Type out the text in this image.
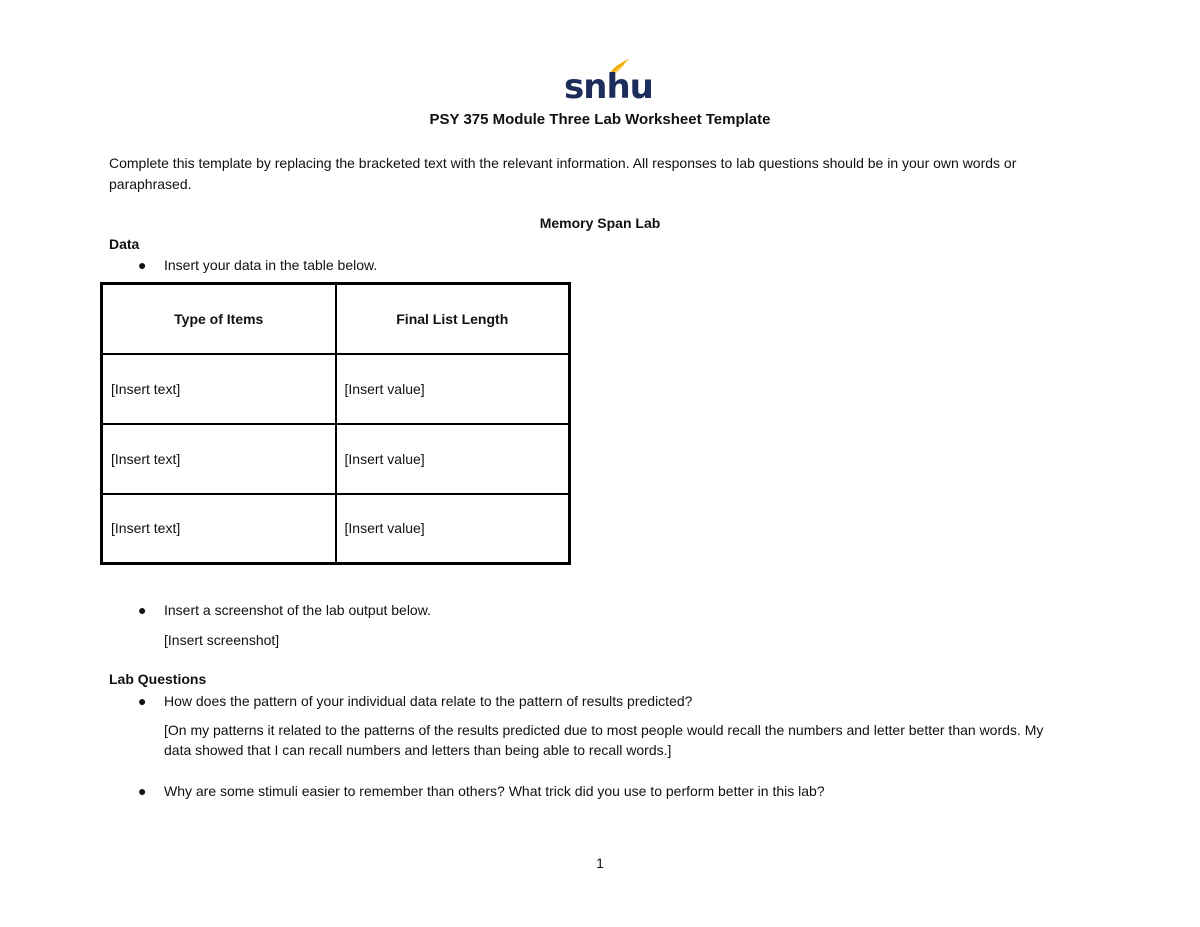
snhu
PSY 375 Module Three Lab Worksheet Template
Complete this template by replacing the bracketed text with the relevant information. All responses to lab questions should be in your own words or paraphrased.
Memory Span Lab
Data
● Insert your data in the table below.
Type of Items	Final List Length
[Insert text]	[Insert value]
[Insert text]	[Insert value]
[Insert text]	[Insert value]
● Insert a screenshot of the lab output below.
[Insert screenshot]
Lab Questions
● How does the pattern of your individual data relate to the pattern of results predicted?
[On my patterns it related to the patterns of the results predicted due to most people would recall the numbers and letter better than words. My data showed that I can recall numbers and letters than being able to recall words.]
● Why are some stimuli easier to remember than others? What trick did you use to perform better in this lab?
1
